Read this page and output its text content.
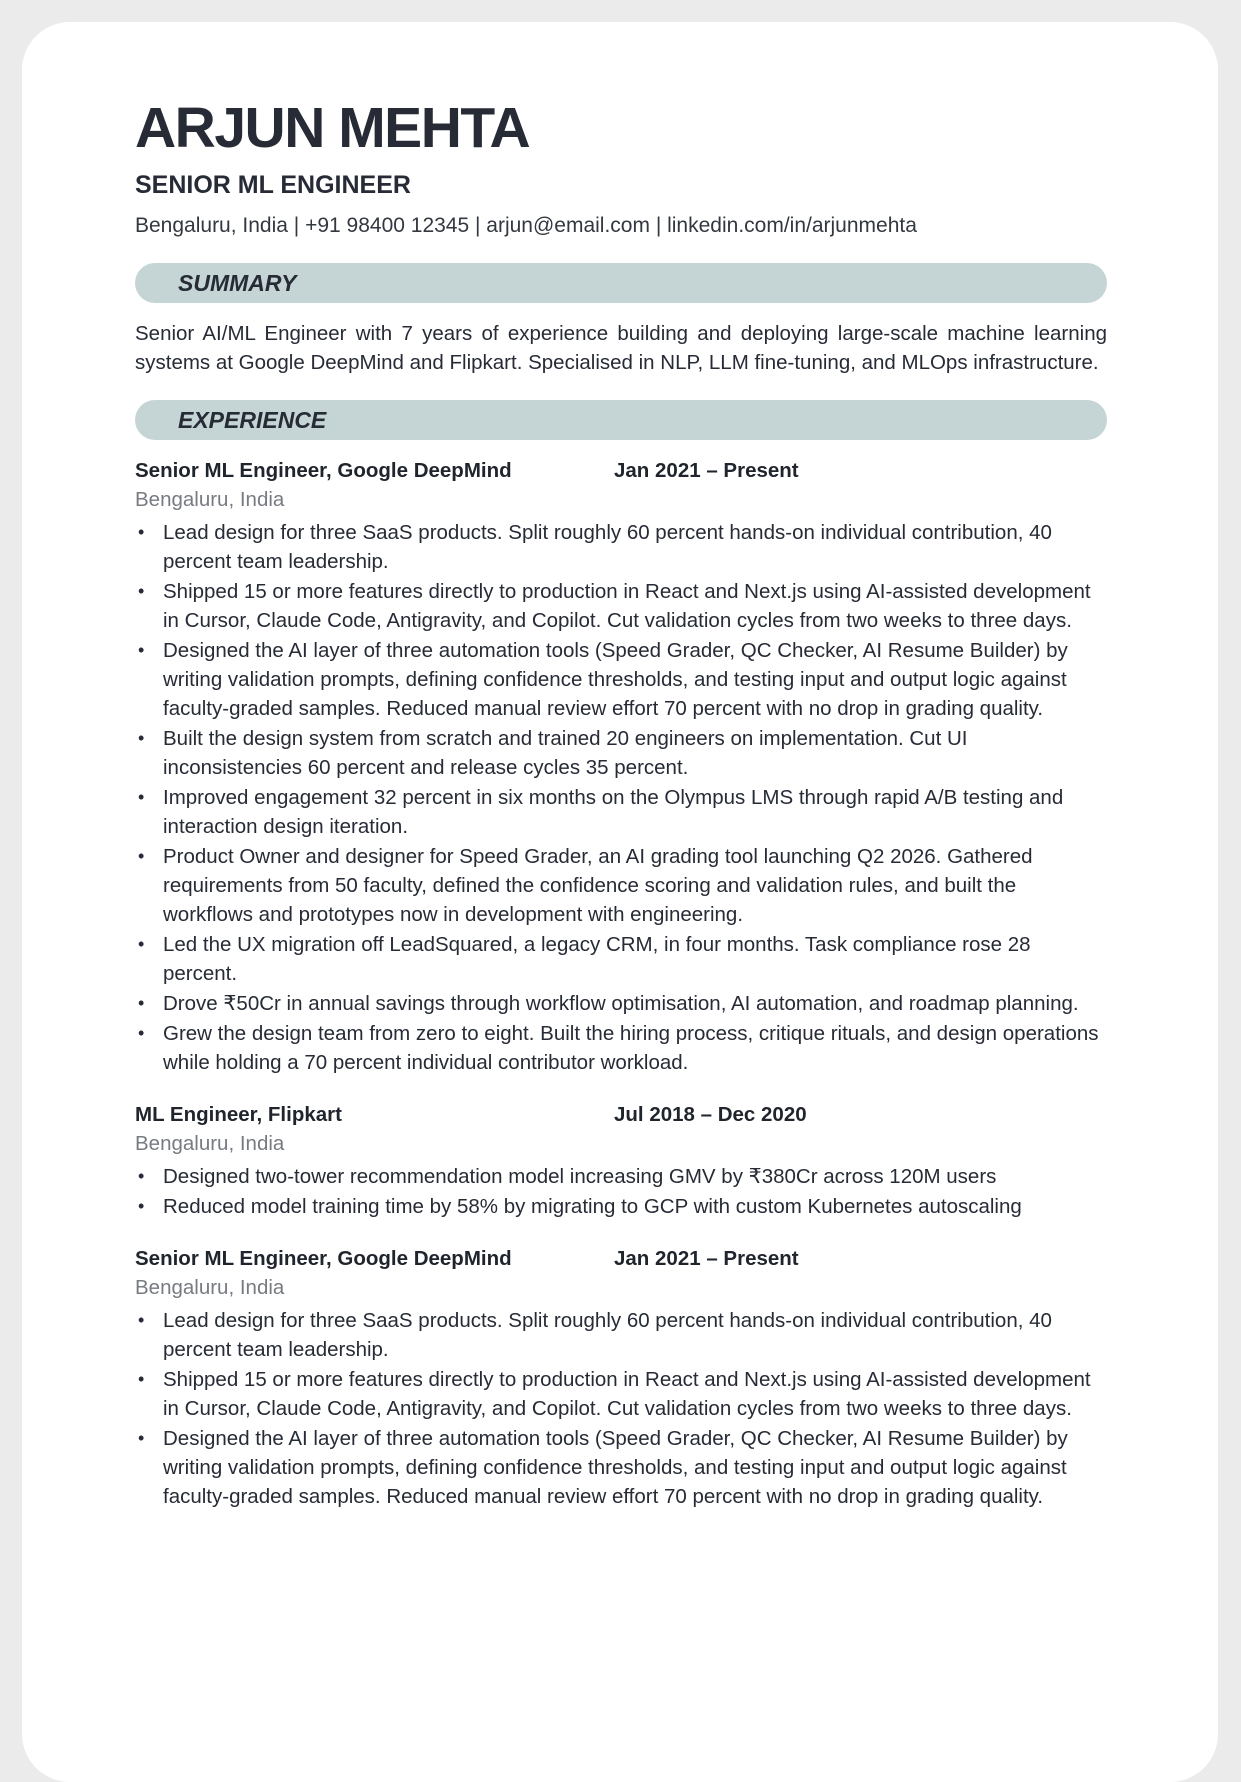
ARJUN MEHTA
SENIOR ML ENGINEER
Bengaluru, India | +91 98400 12345 | arjun@email.com | linkedin.com/in/arjunmehta
SUMMARY
Senior AI/ML Engineer with 7 years of experience building and deploying large-scale machine learning systems at Google DeepMind and Flipkart. Specialised in NLP, LLM fine-tuning, and MLOps infrastructure.
EXPERIENCE
Senior ML Engineer, Google DeepMind	Jan 2021 – Present
Bengaluru, India
• Lead design for three SaaS products. Split roughly 60 percent hands-on individual contribution, 40 percent team leadership.
• Shipped 15 or more features directly to production in React and Next.js using AI-assisted development in Cursor, Claude Code, Antigravity, and Copilot. Cut validation cycles from two weeks to three days.
• Designed the AI layer of three automation tools (Speed Grader, QC Checker, AI Resume Builder) by writing validation prompts, defining confidence thresholds, and testing input and output logic against faculty-graded samples. Reduced manual review effort 70 percent with no drop in grading quality.
• Built the design system from scratch and trained 20 engineers on implementation. Cut UI inconsistencies 60 percent and release cycles 35 percent.
• Improved engagement 32 percent in six months on the Olympus LMS through rapid A/B testing and interaction design iteration.
• Product Owner and designer for Speed Grader, an AI grading tool launching Q2 2026. Gathered requirements from 50 faculty, defined the confidence scoring and validation rules, and built the workflows and prototypes now in development with engineering.
• Led the UX migration off LeadSquared, a legacy CRM, in four months. Task compliance rose 28 percent.
• Drove ₹50Cr in annual savings through workflow optimisation, AI automation, and roadmap planning.
• Grew the design team from zero to eight. Built the hiring process, critique rituals, and design operations while holding a 70 percent individual contributor workload.
ML Engineer, Flipkart	Jul 2018 – Dec 2020
Bengaluru, India
• Designed two-tower recommendation model increasing GMV by ₹380Cr across 120M users
• Reduced model training time by 58% by migrating to GCP with custom Kubernetes autoscaling
Senior ML Engineer, Google DeepMind	Jan 2021 – Present
Bengaluru, India
• Lead design for three SaaS products. Split roughly 60 percent hands-on individual contribution, 40 percent team leadership.
• Shipped 15 or more features directly to production in React and Next.js using AI-assisted development in Cursor, Claude Code, Antigravity, and Copilot. Cut validation cycles from two weeks to three days.
• Designed the AI layer of three automation tools (Speed Grader, QC Checker, AI Resume Builder) by writing validation prompts, defining confidence thresholds, and testing input and output logic against faculty-graded samples. Reduced manual review effort 70 percent with no drop in grading quality.
